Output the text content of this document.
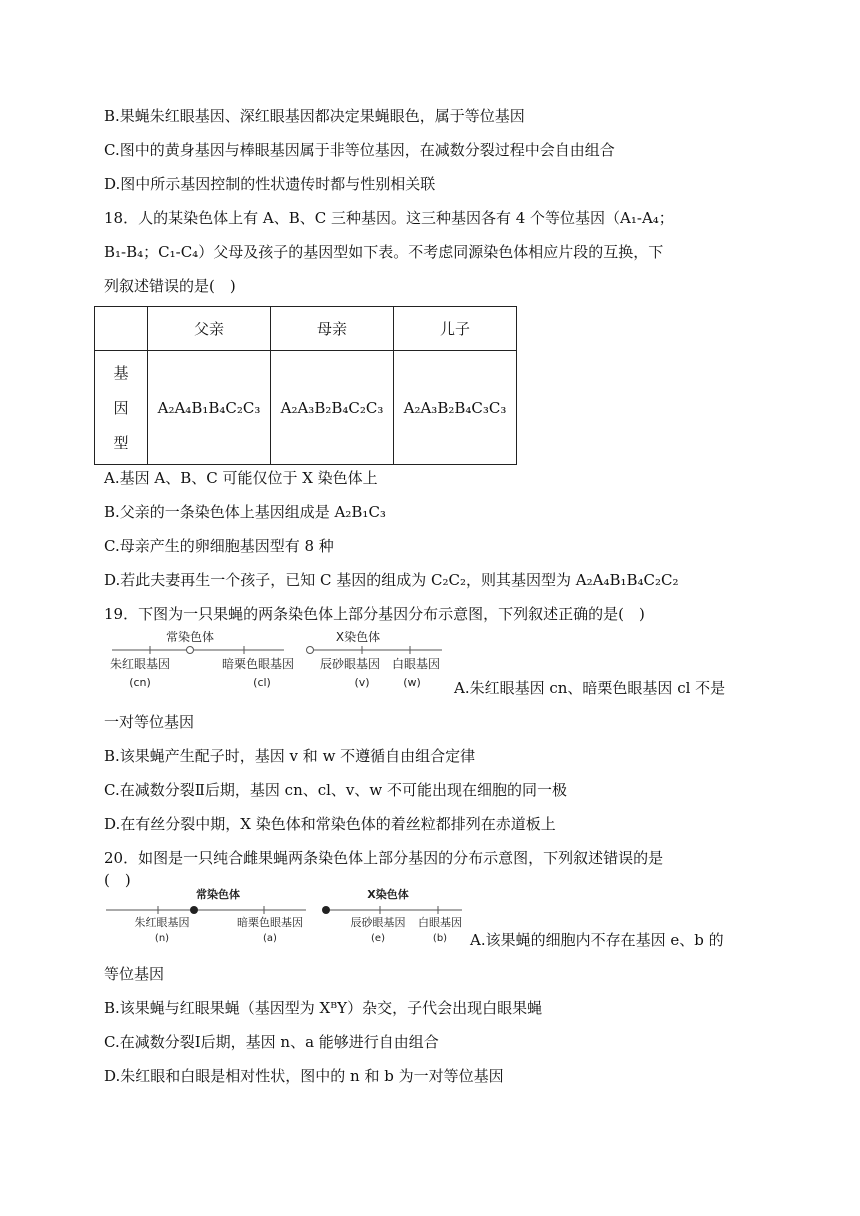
B.果蝇朱红眼基因、深红眼基因都决定果蝇眼色，属于等位基因
C.图中的黄身基因与棒眼基因属于非等位基因，在减数分裂过程中会自由组合
D.图中所示基因控制的性状遗传时都与性别相关联
18．人的某染色体上有 A、B、C 三种基因。这三种基因各有 4 个等位基因（A₁-A₄；
B₁-B₄；C₁-C₄）父母及孩子的基因型如下表。不考虑同源染色体相应片段的互换，下
列叙述错误的是(　)
	父亲	母亲	儿子

基
因
型	A₂A₄B₁B₄C₂C₃	A₂A₃B₂B₄C₂C₃	A₂A₃B₂B₄C₃C₃
A.基因 A、B、C 可能仅位于 X 染色体上
B.父亲的一条染色体上基因组成是 A₂B₁C₃
C.母亲产生的卵细胞基因型有 8 种
D.若此夫妻再生一个孩子，已知 C 基因的组成为 C₂C₂，则其基因型为 A₂A₄B₁B₄C₂C₂
19．下图为一只果蝇的两条染色体上部分基因分布示意图，下列叙述正确的是(　)
常染色体	X染色体
朱红眼基因
(cn)
暗栗色眼基因
(cl)
辰砂眼基因
(v)
白眼基因
(w) A.朱红眼基因 cn、暗栗色眼基因 cl 不是
一对等位基因
B.该果蝇产生配子时，基因 v 和 w 不遵循自由组合定律
C.在减数分裂Ⅱ后期，基因 cn、cl、v、w 不可能出现在细胞的同一极
D.在有丝分裂中期，X 染色体和常染色体的着丝粒都排列在赤道板上
20．如图是一只纯合雌果蝇两条染色体上部分基因的分布示意图，下列叙述错误的是
(　)
常染色体	X染色体
朱红眼基因
(n)
暗栗色眼基因
(a)
辰砂眼基因
(e)
白眼基因
(b) A.该果蝇的细胞内不存在基因 e、b 的
等位基因
B.该果蝇与红眼果蝇（基因型为 XᴮY）杂交，子代会出现白眼果蝇
C.在减数分裂Ⅰ后期，基因 n、a 能够进行自由组合
D.朱红眼和白眼是相对性状，图中的 n 和 b 为一对等位基因
